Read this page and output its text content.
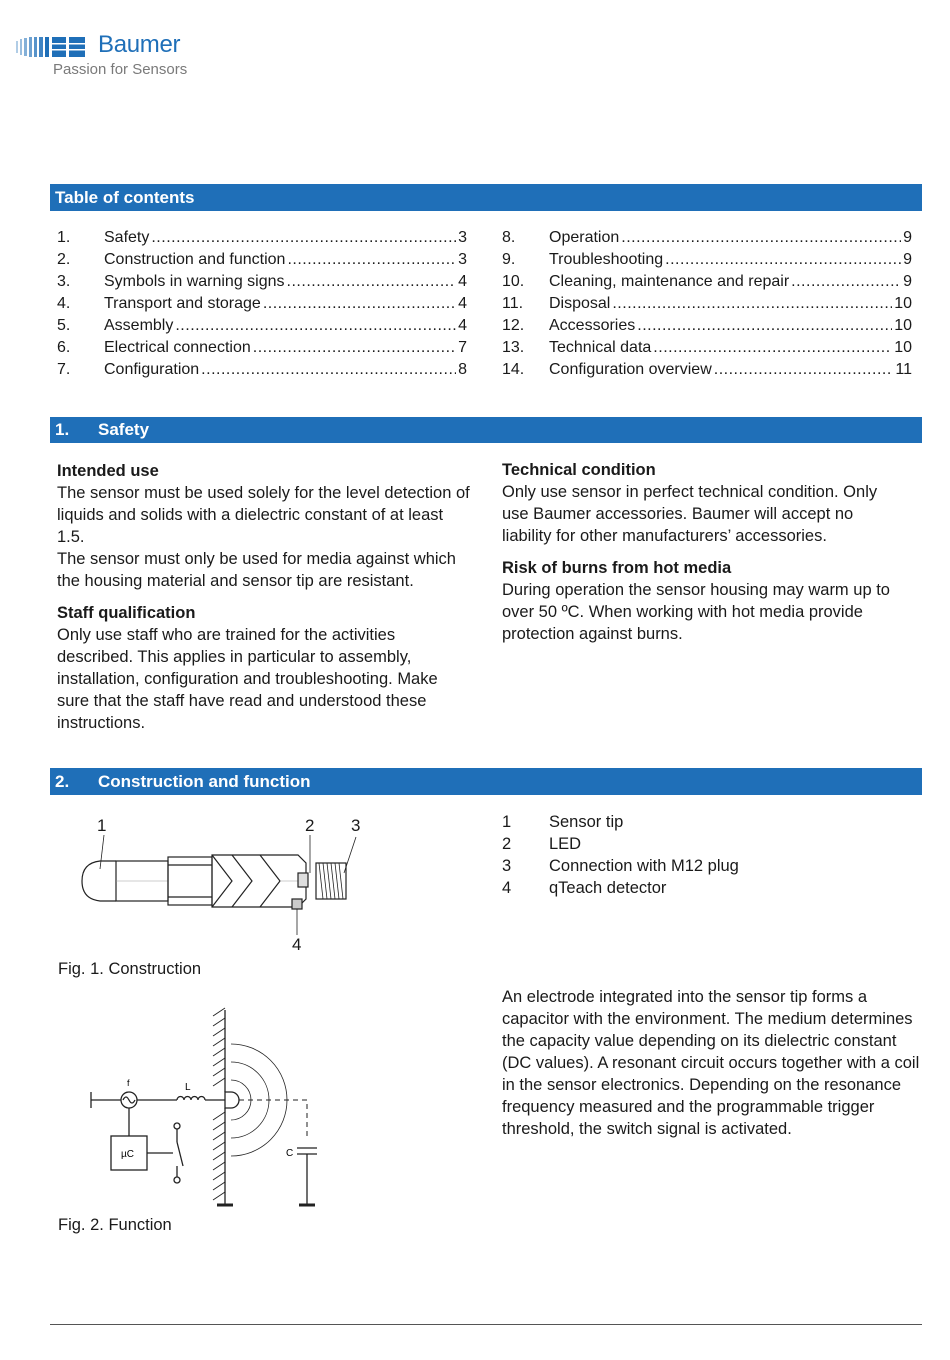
Baumer
Passion for Sensors
Table of contents
1.	Safety .....	3
2.	Construction and function .....	3
3.	Symbols in warning signs .....	4
4.	Transport and storage .....	4
5.	Assembly .....	4
6.	Electrical connection .....	7
7.	Configuration .....	8
8.	Operation .....	9
9.	Troubleshooting .....	9
10.	Cleaning, maintenance and repair .....	9
11.	Disposal .....	10
12.	Accessories .....	10
13.	Technical data .....	10
14.	Configuration overview .....	11
1. Safety
Intended use

The sensor must be used solely for the level detection of liquids and solids with a dielectric constant of at least 1.5.

The sensor must only be used for media against which the housing material and sensor tip are resistant.

Staff qualification

Only use staff who are trained for the activities described. This applies in particular to assembly, installation, configuration and troubleshooting. Make sure that the staff have read and understood these instructions.

Technical condition

Only use sensor in perfect technical condition. Only use Baumer accessories. Baumer will accept no liability for other manufacturers’ accessories.

Risk of burns from hot media

During operation the sensor housing may warm up to over 50 ºC. When working with hot media provide protection against burns.

2. Construction and function
1	2 3
4
Fig. 1. Construction
1	Sensor tip
2	LED
3	Connection with M12 plug
4	qTeach detector
f	L
µC	C
Fig. 2. Function

An electrode integrated into the sensor tip forms a capacitor with the environment. The medium determines the capacity value depending on its dielectric constant (DC values). A resonant circuit occurs together with a coil in the sensor electronics. Depending on the resonance frequency measured and the programmable trigger threshold, the switch signal is activated.
